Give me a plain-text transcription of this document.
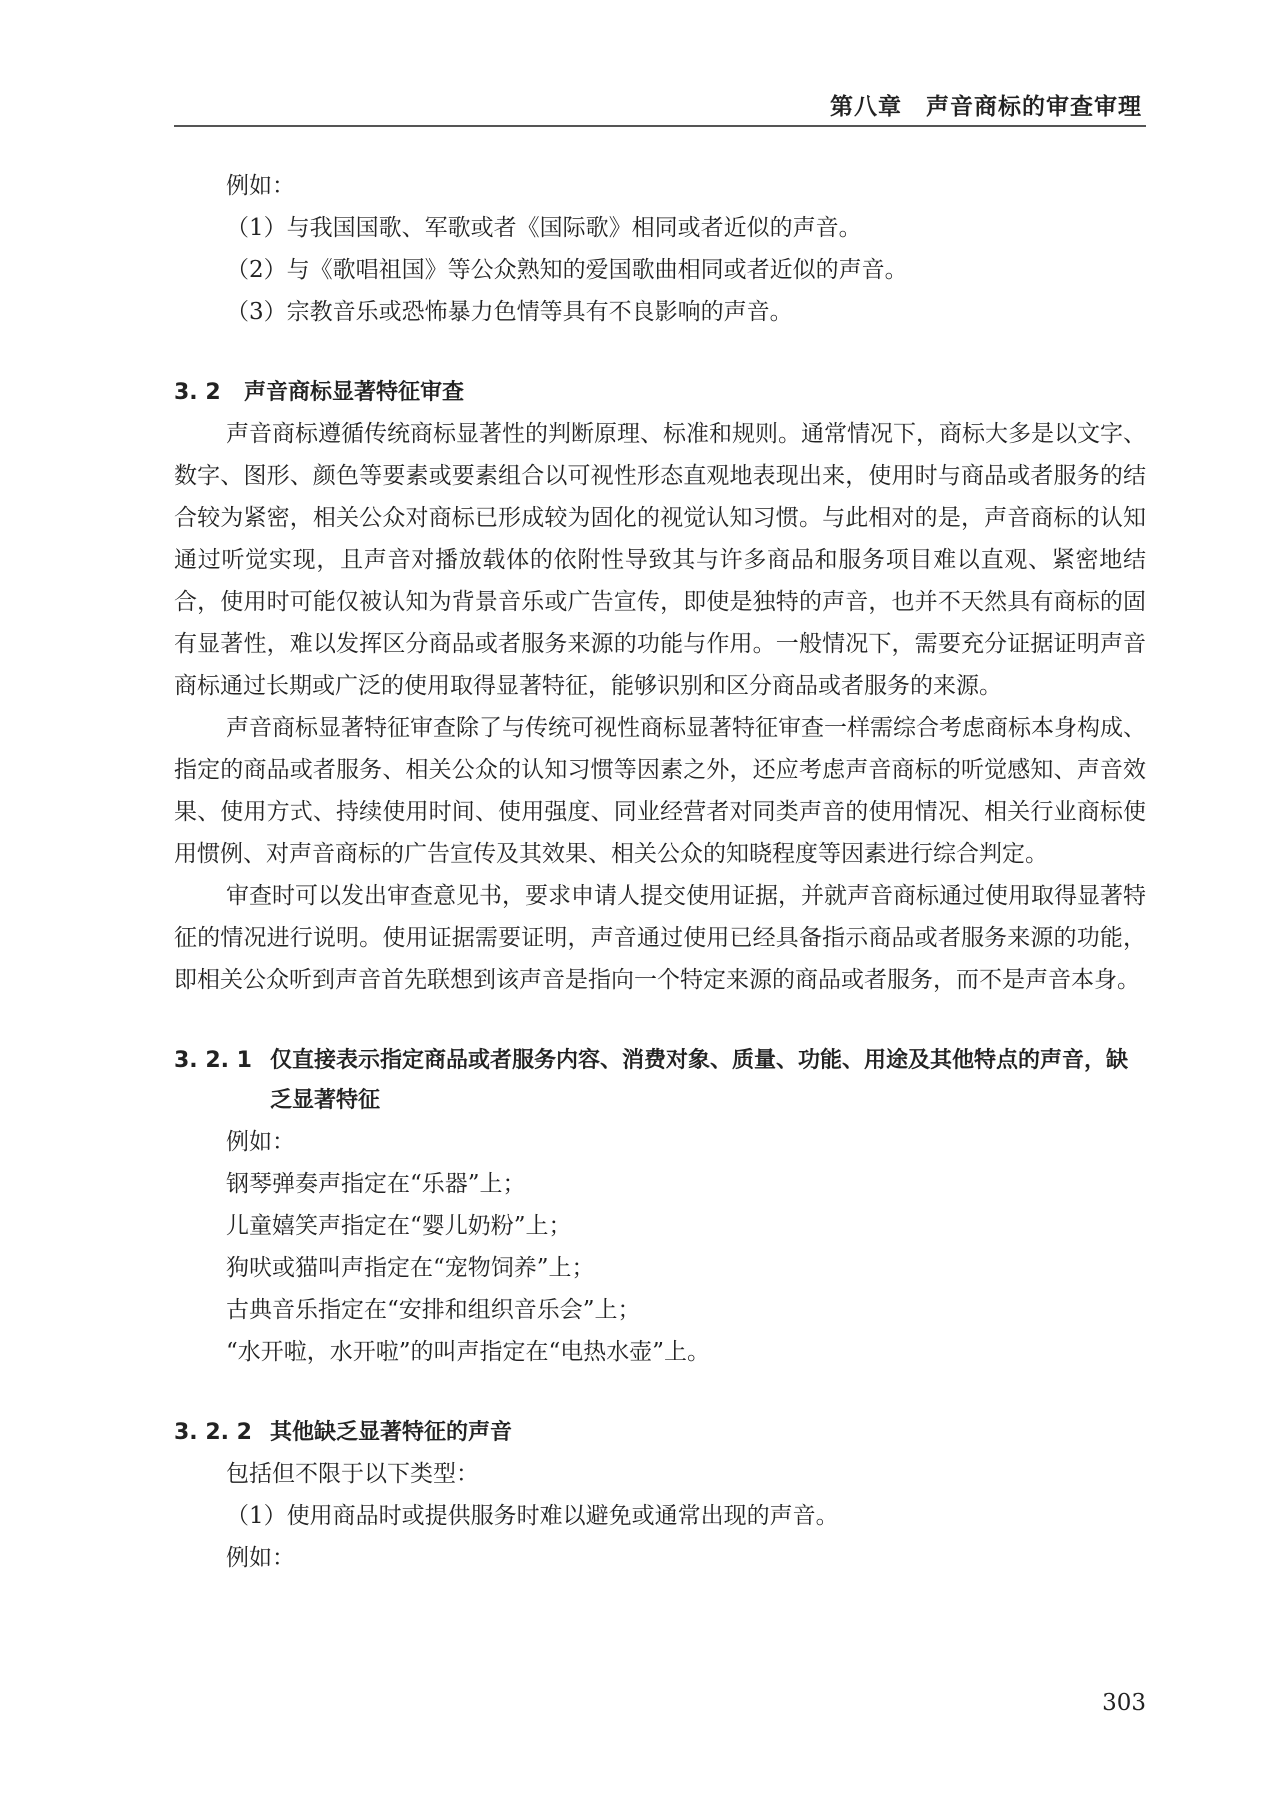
第八章　声音商标的审查审理

例如：

（1）与我国国歌、军歌或者《国际歌》相同或者近似的声音。

（2）与《歌唱祖国》等公众熟知的爱国歌曲相同或者近似的声音。

（3）宗教音乐或恐怖暴力色情等具有不良影响的声音。

3. 2 声音商标显著特征审查

声音商标遵循传统商标显著性的判断原理、标准和规则。通常情况下，商标大多是以文字、数字、图形、颜色等要素或要素组合以可视性形态直观地表现出来，使用时与商品或者服务的结合较为紧密，相关公众对商标已形成较为固化的视觉认知习惯。与此相对的是，声音商标的认知通过听觉实现，且声音对播放载体的依附性导致其与许多商品和服务项目难以直观、紧密地结合，使用时可能仅被认知为背景音乐或广告宣传，即使是独特的声音，也并不天然具有商标的固有显著性，难以发挥区分商品或者服务来源的功能与作用。一般情况下，需要充分证据证明声音商标通过长期或广泛的使用取得显著特征，能够识别和区分商品或者服务的来源。

声音商标显著特征审查除了与传统可视性商标显著特征审查一样需综合考虑商标本身构成、指定的商品或者服务、相关公众的认知习惯等因素之外，还应考虑声音商标的听觉感知、声音效果、使用方式、持续使用时间、使用强度、同业经营者对同类声音的使用情况、相关行业商标使用惯例、对声音商标的广告宣传及其效果、相关公众的知晓程度等因素进行综合判定。

审查时可以发出审查意见书，要求申请人提交使用证据，并就声音商标通过使用取得显著特征的情况进行说明。使用证据需要证明，声音通过使用已经具备指示商品或者服务来源的功能，即相关公众听到声音首先联想到该声音是指向一个特定来源的商品或者服务，而不是声音本身。

3. 2. 1 仅直接表示指定商品或者服务内容、消费对象、质量、功能、用途及其他特点的声音，缺乏显著特征

例如：

钢琴弹奏声指定在“乐器”上；

儿童嬉笑声指定在“婴儿奶粉”上；

狗吠或猫叫声指定在“宠物饲养”上；

古典音乐指定在“安排和组织音乐会”上；

“水开啦，水开啦”的叫声指定在“电热水壶”上。

3. 2. 2 其他缺乏显著特征的声音

包括但不限于以下类型：

（1）使用商品时或提供服务时难以避免或通常出现的声音。

例如：

303
